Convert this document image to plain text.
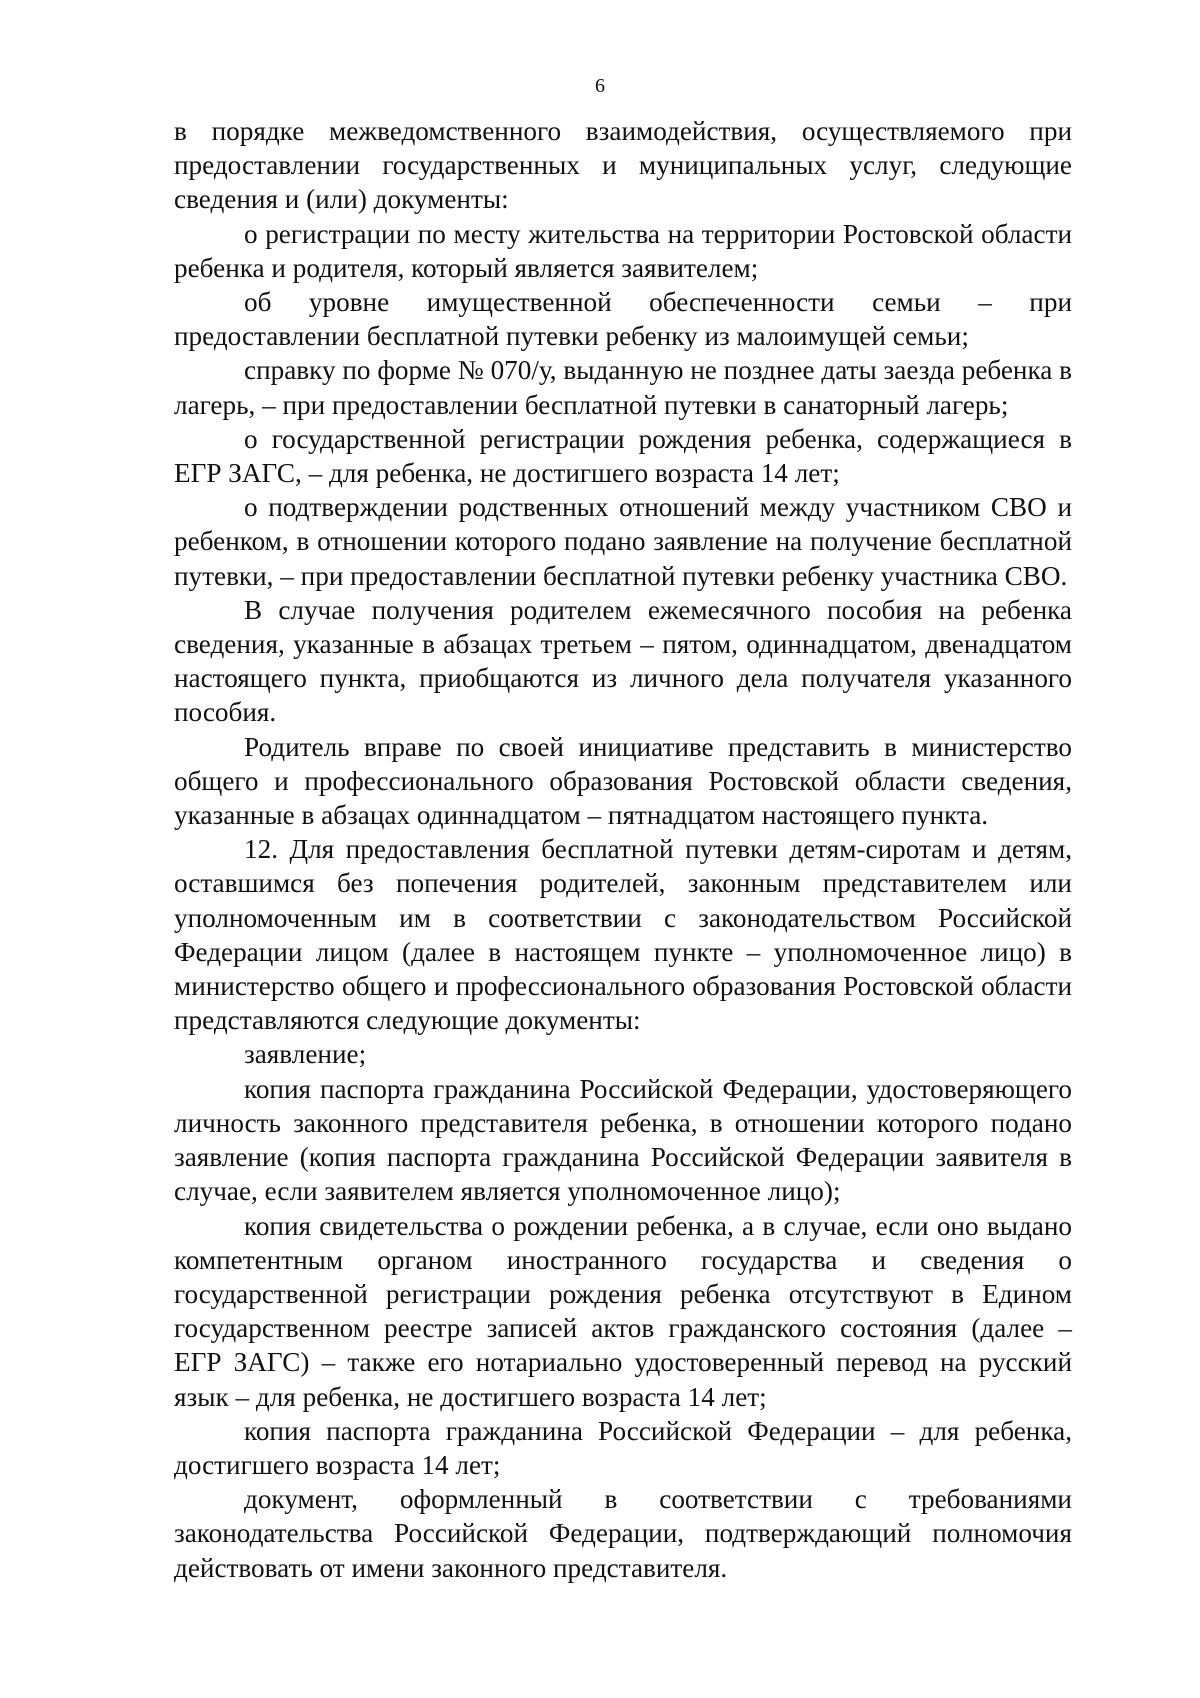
6

в порядке межведомственного взаимодействия, осуществляемого при предоставлении государственных и муниципальных услуг, следующие сведения и (или) документы:

о регистрации по месту жительства на территории Ростовской области ребенка и родителя, который является заявителем;

об уровне имущественной обеспеченности семьи – при предоставлении бесплатной путевки ребенку из малоимущей семьи;

справку по форме № 070/у, выданную не позднее даты заезда ребенка в лагерь, – при предоставлении бесплатной путевки в санаторный лагерь;

о государственной регистрации рождения ребенка, содержащиеся в ЕГР ЗАГС, – для ребенка, не достигшего возраста 14 лет;

о подтверждении родственных отношений между участником СВО и ребенком, в отношении которого подано заявление на получение бесплатной путевки, – при предоставлении бесплатной путевки ребенку участника СВО.

В случае получения родителем ежемесячного пособия на ребенка сведения, указанные в абзацах третьем – пятом, одиннадцатом, двенадцатом настоящего пункта, приобщаются из личного дела получателя указанного пособия.

Родитель вправе по своей инициативе представить в министерство общего и профессионального образования Ростовской области сведения, указанные в абзацах одиннадцатом – пятнадцатом настоящего пункта.

12. Для предоставления бесплатной путевки детям-сиротам и детям, оставшимся без попечения родителей, законным представителем или уполномоченным им в соответствии с законодательством Российской Федерации лицом (далее в настоящем пункте – уполномоченное лицо) в министерство общего и профессионального образования Ростовской области представляются следующие документы:

заявление;

копия паспорта гражданина Российской Федерации, удостоверяющего личность законного представителя ребенка, в отношении которого подано заявление (копия паспорта гражданина Российской Федерации заявителя в случае, если заявителем является уполномоченное лицо);

копия свидетельства о рождении ребенка, а в случае, если оно выдано компетентным органом иностранного государства и сведения о государственной регистрации рождения ребенка отсутствуют в Едином государственном реестре записей актов гражданского состояния (далее – ЕГР ЗАГС) – также его нотариально удостоверенный перевод на русский язык – для ребенка, не достигшего возраста 14 лет;

копия паспорта гражданина Российской Федерации – для ребенка, достигшего возраста 14 лет;

документ, оформленный в соответствии с требованиями законодательства Российской Федерации, подтверждающий полномочия действовать от имени законного представителя.
